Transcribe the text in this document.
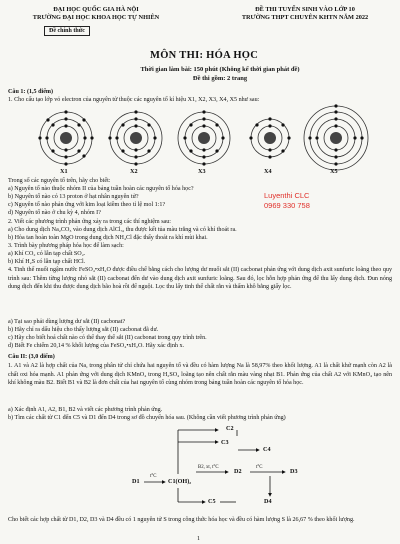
ĐẠI HỌC QUỐC GIA HÀ NỘI
TRƯỜNG ĐẠI HỌC KHOA HỌC TỰ NHIÊN
ĐỀ THI TUYỂN SINH VÀO LỚP 10
TRƯỜNG THPT CHUYÊN KHTN NĂM 2022
Đề chính thức
MÔN THI: HÓA HỌC
Thời gian làm bài: 150 phút (Không kể thời gian phát đề)
Đề thi gồm: 2 trang
Câu 1: (1,5 điểm)
1. Cho cấu tạo lớp vỏ electron của nguyên tử thuộc các nguyên tố kí hiệu X1, X2, X3, X4, X5 như sau:
X1	X2	X3	X4	X5
Trong số các nguyên tố trên, hãy cho biết:
a) Nguyên tố nào thuộc nhóm II của bảng tuần hoàn các nguyên tố hóa học?
b) Nguyên tố nào có 13 proton ở hạt nhân nguyên tử?
c) Nguyên tố nào phản ứng với kim loại kiềm theo tỉ lệ mol 1:1?
d) Nguyên tố nào ở chu kỳ 4, nhóm I?
Luyenthi CLC
0969 330 758
2. Viết các phương trình phản ứng xảy ra trong các thí nghiệm sau:
a) Cho dung dịch Na₂CO₃ vào dung dịch AlCl₃, thu được kết tủa màu trắng và có khí thoát ra.
b) Hòa tan hoàn toàn MgO trong dung dịch NH₄Cl đặc thấy thoát ra khí mùi khai.
3. Trình bày phương pháp hóa học để làm sạch:
a) Khí CO₂ có lẫn tạp chất SO₂.
b) Khí H₂S có lẫn tạp chất HCl.
4. Tinh thể muối ngậm nước FeSO₄•xH₂O được điều chế bằng cách cho lượng dư muối sắt (II) cacbonat phản ứng với dung dịch axit sunfuric loãng theo quy trình sau: Thêm từng lượng nhỏ sắt (II) cacbonat đến dư vào dung dịch axit sunfuric loãng. Sau đó, lọc hỗn hợp phản ứng để thu lấy dung dịch. Đun nóng dung dịch đến khi thu được dung dịch bão hoà rồi để nguội. Lọc thu lấy tinh thể chất rắn và thấm khô bằng giấy lọc.
a) Tại sao phải dùng lượng dư sắt (II) cacbonat?
b) Hãy chỉ ra dấu hiệu cho thấy lượng sắt (II) cacbonat đã dư.
c) Hãy cho biết hoá chất nào có thể thay thế sắt (II) cacbonat trong quy trình trên.
d) Biết Fe chiếm 20,14 % khối lượng của FeSO₄•xH₂O. Hãy xác định x.
Câu II: (3,0 điểm)
1. A1 và A2 là hợp chất của Na, trong phân tử chỉ chứa hai nguyên tố và đều có hàm lượng Na là 58,97% theo khối lượng. A1 là chất khử mạnh còn A2 là chất oxi hóa mạnh. A1 phản ứng với dung dịch KMnO₄ trong H₂SO₄ loãng tạo nên chất rắn màu vàng nhạt B1. Phản ứng của chất A2 với KMnO₄ tạo nên khí không màu B2. Biết B1 và B2 là đơn chất của hai nguyên tố cùng nhóm trong bảng tuần hoàn các nguyên tố hóa học.
a) Xác định A1, A2, B1, B2 và viết các phương trình phản ứng.
b) Tìm các chất từ C1 đến C5 và D1 đến D4 trong sơ đồ chuyển hóa sau. (Không cần viết phương trình phản ứng)
C2
C3
C4
D1	C1(OH)₂
D2	D3
C5	D4
t°C
B2, xt, t°C	t°C
Cho biết các hợp chất từ D1, D2, D3 và D4 đều có 1 nguyên tử S trong công thức hóa học và đều có hàm lượng S là 26,67 % theo khối lượng.
1
